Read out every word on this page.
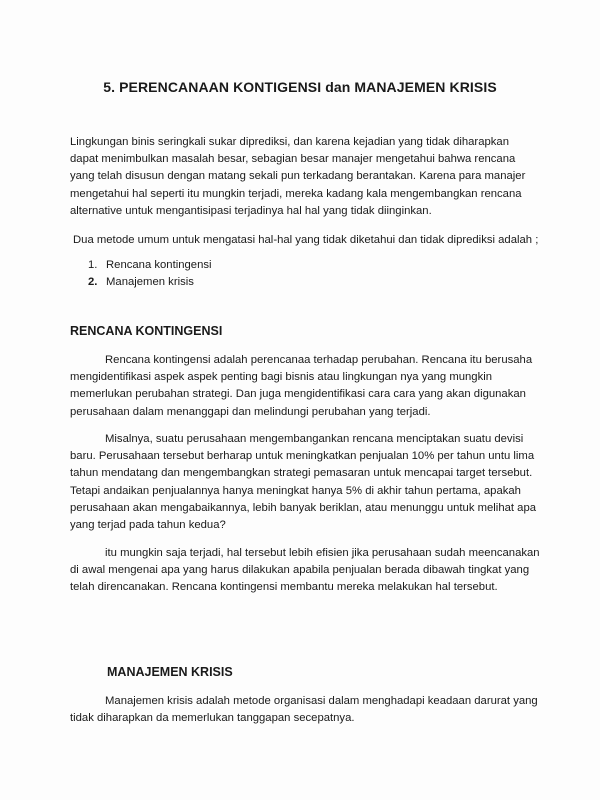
5. PERENCANAAN KONTIGENSI dan MANAJEMEN KRISIS

Lingkungan binis seringkali sukar diprediksi, dan karena kejadian yang tidak diharapkan dapat menimbulkan masalah besar, sebagian besar manajer mengetahui bahwa rencana yang telah disusun dengan matang sekali pun terkadang berantakan. Karena para manajer mengetahui hal seperti itu mungkin terjadi, mereka kadang kala mengembangkan rencana alternative untuk mengantisipasi terjadinya hal hal yang tidak diinginkan.

Dua metode umum untuk mengatasi hal-hal yang tidak diketahui dan tidak diprediksi adalah ;

1. Rencana kontingensi
2. Manajemen krisis
RENCANA KONTINGENSI

Rencana kontingensi adalah perencanaa terhadap perubahan. Rencana itu berusaha mengidentifikasi aspek aspek penting bagi bisnis atau lingkungan nya yang mungkin memerlukan perubahan strategi. Dan juga mengidentifikasi cara cara yang akan digunakan perusahaan dalam menanggapi dan melindungi perubahan yang terjadi.

Misalnya, suatu perusahaan mengembangankan rencana menciptakan suatu devisi baru. Perusahaan tersebut berharap untuk meningkatkan penjualan 10% per tahun untu lima tahun mendatang dan mengembangkan strategi pemasaran untuk mencapai target tersebut. Tetapi andaikan penjualannya hanya meningkat hanya 5% di akhir tahun pertama, apakah perusahaan akan mengabaikannya, lebih banyak beriklan, atau menunggu untuk melihat apa yang terjad pada tahun kedua?

itu mungkin saja terjadi, hal tersebut lebih efisien jika perusahaan sudah meencanakan di awal mengenai apa yang harus dilakukan apabila penjualan berada dibawah tingkat yang telah direncanakan. Rencana kontingensi membantu mereka melakukan hal tersebut.

MANAJEMEN KRISIS

Manajemen krisis adalah metode organisasi dalam menghadapi keadaan darurat yang tidak diharapkan da memerlukan tanggapan secepatnya.
